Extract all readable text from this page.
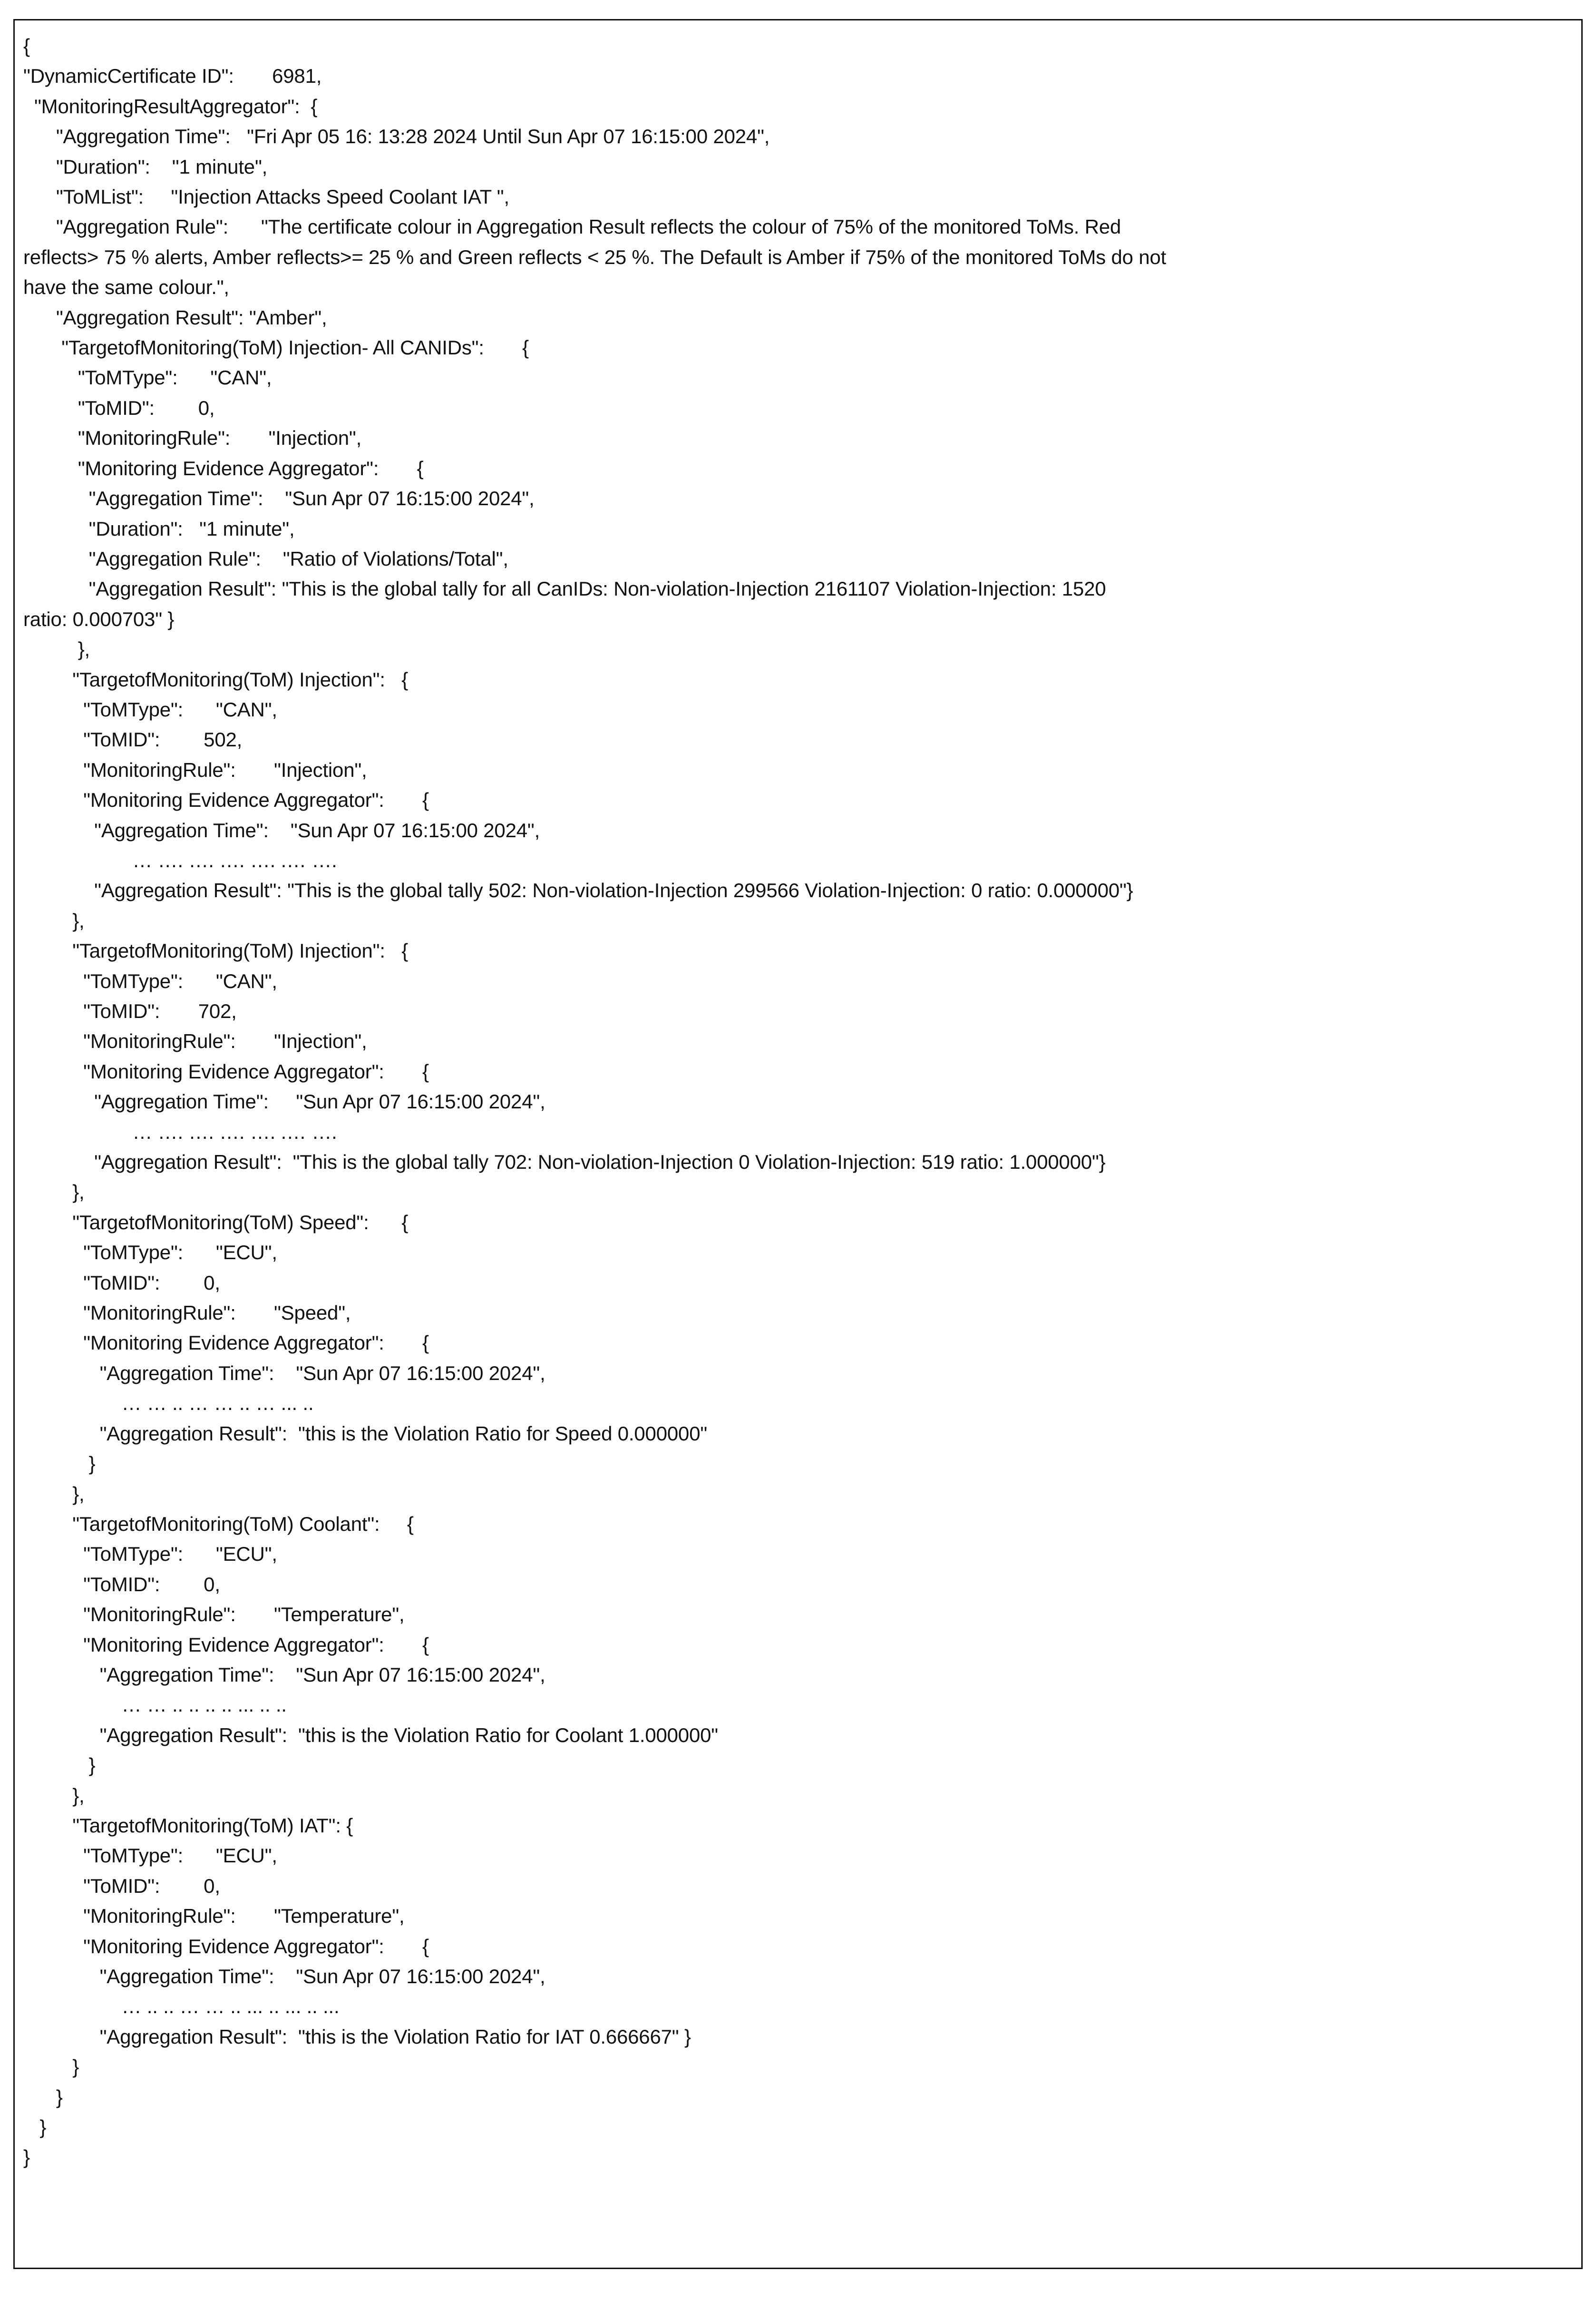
{
"DynamicCertificate ID": 6981,
"MonitoringResultAggregator":  {
"Aggregation Time": "Fri Apr 05 16: 13:28 2024 Until Sun Apr 07 16:15:00 2024",
"Duration": "1 minute",
"ToMList": "Injection Attacks Speed Coolant IAT ",
"Aggregation Rule": "The certificate colour in Aggregation Result reflects the colour of 75% of the monitored ToMs. Red
reflects> 75 % alerts, Amber reflects>= 25 % and Green reflects < 25 %. The Default is Amber if 75% of the monitored ToMs do not
have the same colour.",
"Aggregation Result": "Amber",
"TargetofMonitoring(ToM) Injection- All CANIDs":       {
"ToMType": "CAN",
"ToMID": 0,
"MonitoringRule": "Injection",
"Monitoring Evidence Aggregator":       {
"Aggregation Time": "Sun Apr 07 16:15:00 2024",
"Duration": "1 minute",
"Aggregation Rule": "Ratio of Violations/Total",
"Aggregation Result": "This is the global tally for all CanIDs: Non-violation-Injection 2161107 Violation-Injection: 1520
ratio: 0.000703" }
},
"TargetofMonitoring(ToM) Injection":   {
"ToMType": "CAN",
"ToMID": 502,
"MonitoringRule": "Injection",
"Monitoring Evidence Aggregator":       {
"Aggregation Time": "Sun Apr 07 16:15:00 2024",
… …. …. …. …. .… ….
"Aggregation Result": "This is the global tally 502: Non-violation-Injection 299566 Violation-Injection: 0 ratio: 0.000000"}
},
"TargetofMonitoring(ToM) Injection":   {
"ToMType": "CAN",
"ToMID": 702,
"MonitoringRule": "Injection",
"Monitoring Evidence Aggregator":       {
"Aggregation Time": "Sun Apr 07 16:15:00 2024",
… …. …. …. …. .… ….
"Aggregation Result": "This is the global tally 702: Non-violation-Injection 0 Violation-Injection: 519 ratio: 1.000000"}
},
"TargetofMonitoring(ToM) Speed":      {
"ToMType": "ECU",
"ToMID": 0,
"MonitoringRule": "Speed",
"Monitoring Evidence Aggregator":       {
"Aggregation Time": "Sun Apr 07 16:15:00 2024",
… … .. … … .. … ... ..
"Aggregation Result": "this is the Violation Ratio for Speed 0.000000"
}
},
"TargetofMonitoring(ToM) Coolant":     {
"ToMType": "ECU",
"ToMID": 0,
"MonitoringRule": "Temperature",
"Monitoring Evidence Aggregator":       {
"Aggregation Time": "Sun Apr 07 16:15:00 2024",
… … .. .. .. .. ... .. ..
"Aggregation Result": "this is the Violation Ratio for Coolant 1.000000"
}
},
"TargetofMonitoring(ToM) IAT": {
"ToMType": "ECU",
"ToMID": 0,
"MonitoringRule": "Temperature",
"Monitoring Evidence Aggregator":       {
"Aggregation Time": "Sun Apr 07 16:15:00 2024",
… .. .. … … .. ... .. ... .. ...
"Aggregation Result": "this is the Violation Ratio for IAT 0.666667" }
}
}
}
}
